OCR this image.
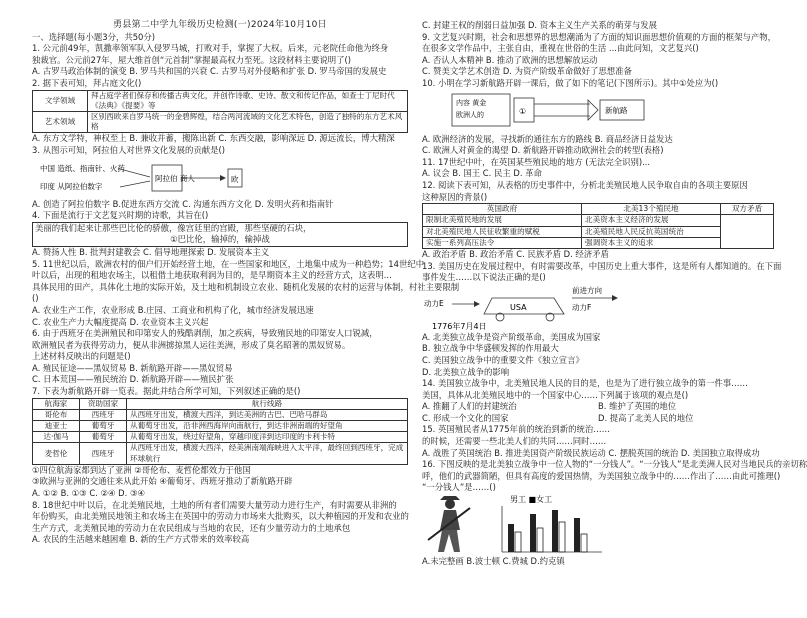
勇县第二中学九年级历史检测(一)2024年10月10日
一、选择题(每小题3分，共50分)
1. 公元前49年，凯撒率领军队入侵罗马城，打败对手，掌握了大权。后来，元老院任命他为终身
独裁官。公元前27年，屋大维首创“元首制”掌握最高权力至死。这段材料主要说明了()
A. 古罗马政治体制的演变 B. 罗马共和国的兴衰 C. 古罗马对外侵略和扩张 D. 罗马帝国的发展史
2. 据下表可知，拜占庭文化()
文学领域	拜占庭学者们保存和传播古典文化，并创作诗歌、史诗、散文和传记作品，如查士丁尼时代《法典》《提要》等
艺术领域	区别西欧来自罗马统一的金碧辉煌，结合两河流域的文化艺术特色，创造了独特的东方艺术风格
A. 东方文学特，神权至上 B. 兼收并蓄，搬陈出新 C. 东西交融，影响深远 D. 源远流长，博大精深
3. 从图示可知，阿拉伯人对世界文化发展的贡献是()
中国 造纸、指南针、火药
印度 从阿拉伯数字
阿拉伯 商人	欧
A. 创造了阿拉伯数字 B.促进东西方交流 C. 沟通东西方文化 D. 发明火药和指南针
4. 下面是流行于文艺复兴时期的诗歌，其旨在()
美丽的我们起来让那些巴比伦的骄傲，像宫廷里的宫殿，那些坚硬的石块，
①巴比伦，输掉的，输掉战
A. 赞扬人性 B. 批判封建教会 C. 倡导地理探索 D. 发展资本主义
5. 11世纪以后，欧洲农村的佃户们开始经营土地，在一些国家和地区，土地集中成为一种趋势；14世纪中
叶以后，出现的租地农场主，以租借土地获取利润为目的，是早期资本主义的经营方式，这表明...
具体民用的田产，具体化土地的实际开始，及土地和机制设立农业、随机化发展的农村的运营与体制，村社主要限制
()
A. 农业生产工作，农业形成 B.庄园、工商业和机构了化，城市经济发展迅速
C. 农业生产力大幅度提高 D. 农业资本主义兴起
6. 由于西班牙在美洲殖民和印第安人的残酷剥削，加之疾病，导致殖民地的印第安人口锐减，
欧洲殖民者为获得劳动力，便从非洲掳掠黑人运往美洲，形成了臭名昭著的黑奴贸易。
上述材料反映出的问题是()
A. 殖民征途——黑奴贸易 B. 新航路开辟——黑奴贸易
C. 日本荒国——殖民统治 D. 新航路开辟——殖民扩张
7. 下表为新航路开辟一览表。据此并结合所学可知，下列叙述正确的是()
航海家	资助国家	航行线路
哥伦布	西班牙	从西班牙出发，横渡大西洋，到达美洲的古巴、巴哈马群岛
迪亚士	葡萄牙	从葡萄牙出发，沿非洲西海岸向南航行，到达非洲南端的好望角
达·伽马	葡萄牙	从葡萄牙出发，绕过好望角，穿越印度洋到达印度的卡利卡特
麦哲伦	西班牙	从西班牙出发，横渡大西洋，经美洲南端海峡进入太平洋，最终回到西班牙，完成环球航行
①四位航海家都到达了亚洲 ②哥伦布、麦哲伦都效力于他国
③欧洲与亚洲的交通往来从此开始 ④葡萄牙、西班牙推动了新航路开辟
A. ①② B. ①③ C. ②④ D. ③④
8. 18世纪中叶以后，在北美殖民地，土地的所有者们需要大量劳动力进行生产，有时需要从非洲的
年份购买，由北美殖民地领主和农场主在英国中的劳动力市场来大批购买，以大种植园的开发和农业的
生产方式，北美殖民地的劳动力在农民组成与当地的农民，还有少量劳动力的土地承包
A. 农民的生活越来越困难 B. 新的生产方式带来的效率较高
C. 封建王权的削弱日益加强 D. 资本主义生产关系的萌芽与发展
9. 文艺复兴时期，社会和思想界的思想潮涌为了方面的知识面思想价值观的方面的框架与产物，
在很多文学作品中，主张自由，重视在世俗的生活 ...由此问知，文艺复兴()
A. 否认人本精神 B. 推动了欧洲的思想解放运动
C. 赞美文学艺术创造 D. 为资产阶级革命做好了思想准备
10. 小明在学习新航路开辟一课后，做了如下的笔记(下图所示)。其中①处应为()
内容 黄金
欧洲人的	①	新航路
A. 欧洲经济的发展，寻找新的通往东方的路线 B. 商品经济日益发达
C. 欧洲人对黄金的渴望 D. 新航路开辟推动欧洲社会的转型(表格)
11. 17世纪中叶，在英国某些殖民地的地方 (无法完全识别)...
A. 议会 B. 国王 C. 民主 D. 革命
12. 阅读下表可知，从表格的历史事件中，分析北美殖民地人民争取自由的各项主要原因
这种原因的背景()
英国政府	北美13个殖民地	双方矛盾
限制北美殖民地的发展	北美资本主义经济的发展	
对北美殖民地人民征收繁重的赋税	北美殖民地人民反抗英国统治	
实施一系列高压法令	强调资本主义的追求	
A. 政治矛盾 B. 政治矛盾 C. 民族矛盾 D. 经济矛盾
13. 美国历史在发展过程中，有时需要改革，中国历史上重大事件，这是所有人都知道的。在下面
事件发生……以下说法正确的是()
动力E	USA
前进方向
动力F
1776年7月4日
A. 北美独立战争是资产阶级革命，美国成为国家
B. 独立战争中华盛顿发挥的作用最大
C. 美国独立战争中的重要文件《独立宣言》
D. 北美独立战争的影响
14. 美国独立战争中，北美殖民地人民的目的是，也是为了进行独立战争的第一件事……
美国，具体从北美殖民地中的一个国家中心……下列属于该项的观点是()
A. 推翻了人们的封建统治	B. 维护了英国的地位
C. 形成一个文化的国家	D. 提高了北美人民的地位
15. 英国殖民者从1775年前的统治到新的统治……
的时候，还需要一些北美人们的共同……同时……
A. 战胜了英国统治 B. 推进美国资产阶级民族运动 C. 摆脱英国的统治 D. 美国独立取得成功
16. 下图反映的是北美独立战争中一位人物的“一分钱人”。“一分钱人”是北美洲人民对当地民兵的亲切称
呼，他们的武器简陋，但具有高度的爱国热情，为美国独立战争中的……作出了……由此可推理()
“一分钱人”是……()
男工 ■女工
A.未完整画 B.波士顿 C.费城 D.约克镇
